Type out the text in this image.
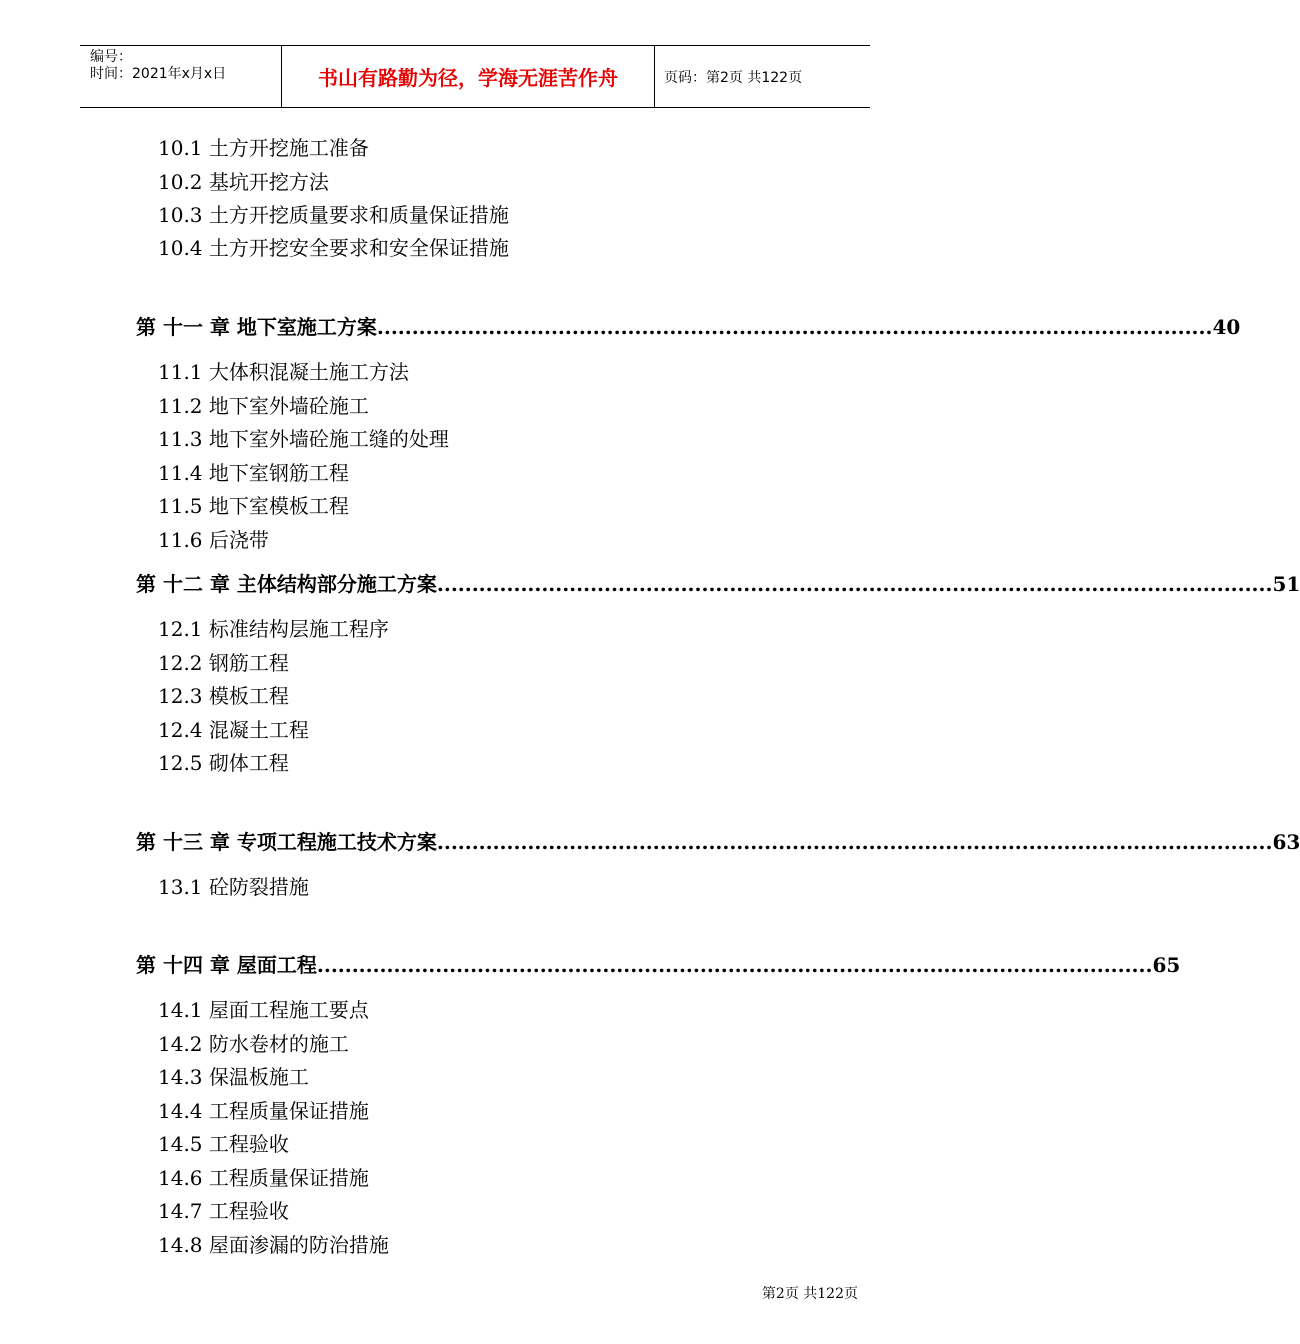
编号：
时间：2021年x月x日	书山有路勤为径，学海无涯苦作舟	页码：第2页 共122页
10.1 土方开挖施工准备
10.2 基坑开挖方法
10.3 土方开挖质量要求和质量保证措施
10.4 土方开挖安全要求和安全保证措施
第 十一 章 地下室施工方案 ........................................................................................................................ 40
11.1 大体积混凝土施工方法
11.2 地下室外墙砼施工
11.3 地下室外墙砼施工缝的处理
11.4 地下室钢筋工程
11.5 地下室模板工程
11.6 后浇带
第 十二 章 主体结构部分施工方案 ........................................................................................................................ 51
12.1 标准结构层施工程序
12.2 钢筋工程
12.3 模板工程
12.4 混凝土工程
12.5 砌体工程
第 十三 章 专项工程施工技术方案 ........................................................................................................................ 63
13.1 砼防裂措施
第 十四 章 屋面工程 ........................................................................................................................ 65
14.1 屋面工程施工要点
14.2 防水卷材的施工
14.3 保温板施工
14.4 工程质量保证措施
14.5 工程验收
14.6 工程质量保证措施
14.7 工程验收
14.8 屋面渗漏的防治措施
第2页 共122页
